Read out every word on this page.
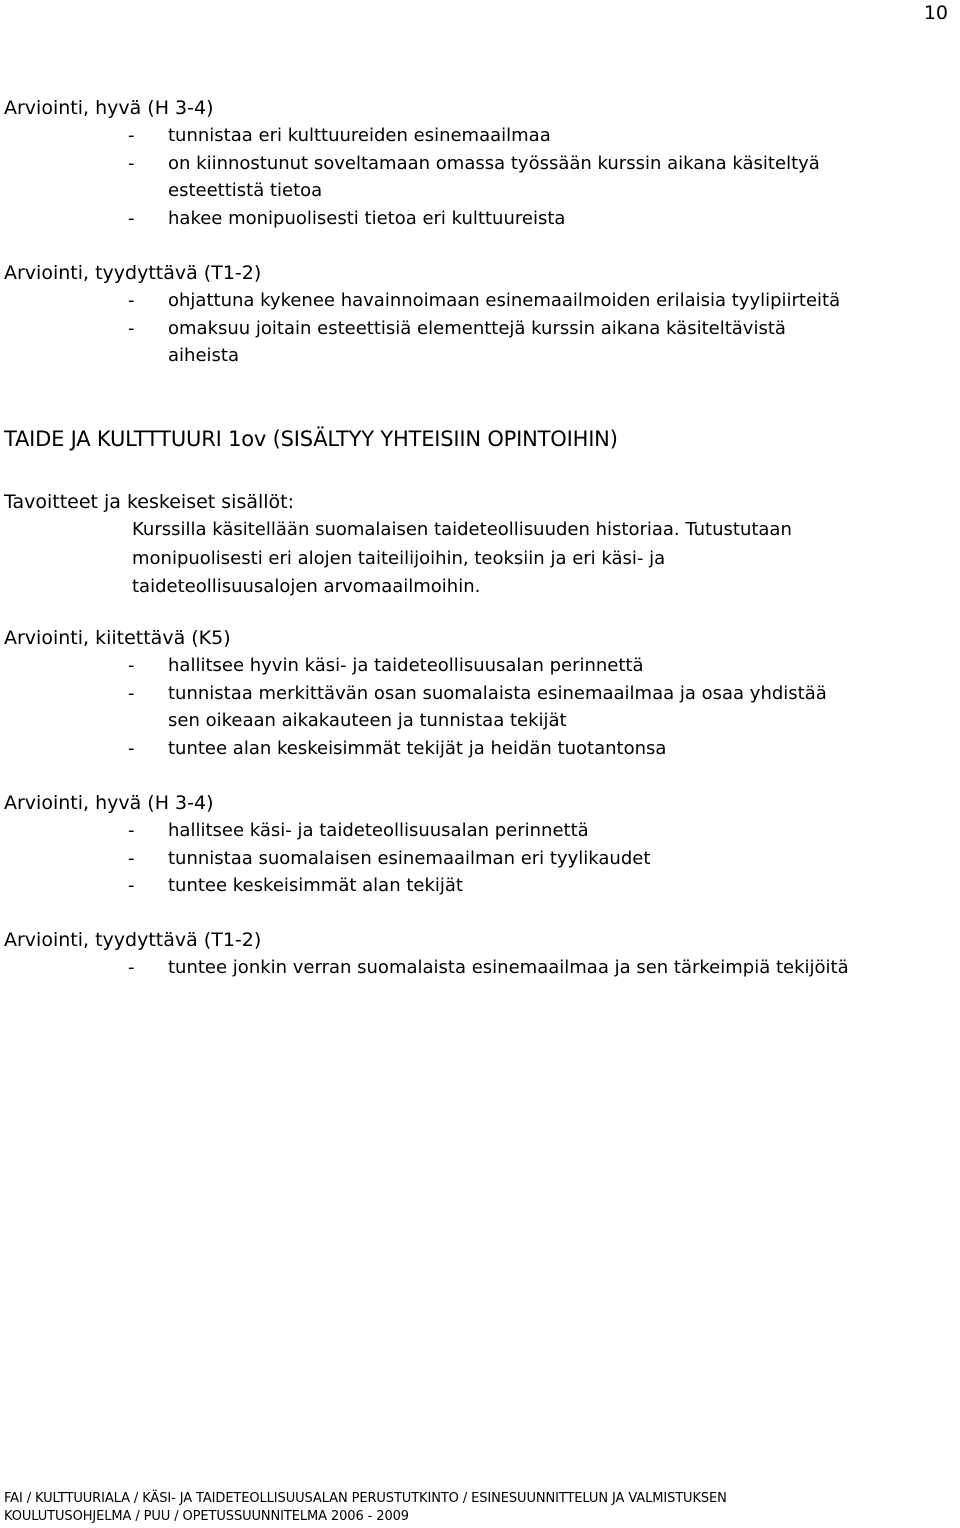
10
Arviointi, hyvä (H 3-4)
- tunnistaa eri kulttuureiden esinemaailmaa
- on kiinnostunut soveltamaan omassa työssään kurssin aikana käsiteltyä
esteettistä tietoa
- hakee monipuolisesti tietoa eri kulttuureista
Arviointi, tyydyttävä (T1-2)
- ohjattuna kykenee havainnoimaan esinemaailmoiden erilaisia tyylipiirteitä
- omaksuu joitain esteettisiä elementtejä kurssin aikana käsiteltävistä
aiheista
TAIDE JA KULTTTUURI 1ov (SISÄLTYY YHTEISIIN OPINTOIHIN)
Tavoitteet ja keskeiset sisällöt:
Kurssilla käsitellään suomalaisen taideteollisuuden historiaa. Tutustutaan
monipuolisesti eri alojen taiteilijoihin, teoksiin ja eri käsi- ja
taideteollisuusalojen arvomaailmoihin.
Arviointi, kiitettävä (K5)
- hallitsee hyvin käsi- ja taideteollisuusalan perinnettä
- tunnistaa merkittävän osan suomalaista esinemaailmaa ja osaa yhdistää
sen oikeaan aikakauteen ja tunnistaa tekijät
- tuntee alan keskeisimmät tekijät ja heidän tuotantonsa
Arviointi, hyvä (H 3-4)
- hallitsee käsi- ja taideteollisuusalan perinnettä
- tunnistaa suomalaisen esinemaailman eri tyylikaudet
- tuntee keskeisimmät alan tekijät
Arviointi, tyydyttävä (T1-2)
- tuntee jonkin verran suomalaista esinemaailmaa ja sen tärkeimpiä tekijöitä
FAI / KULTTUURIALA / KÄSI- JA TAIDETEOLLISUUSALAN PERUSTUTKINTO / ESINESUUNNITTELUN JA VALMISTUKSEN
KOULUTUSOHJELMA / PUU / OPETUSSUUNNITELMA 2006 - 2009
